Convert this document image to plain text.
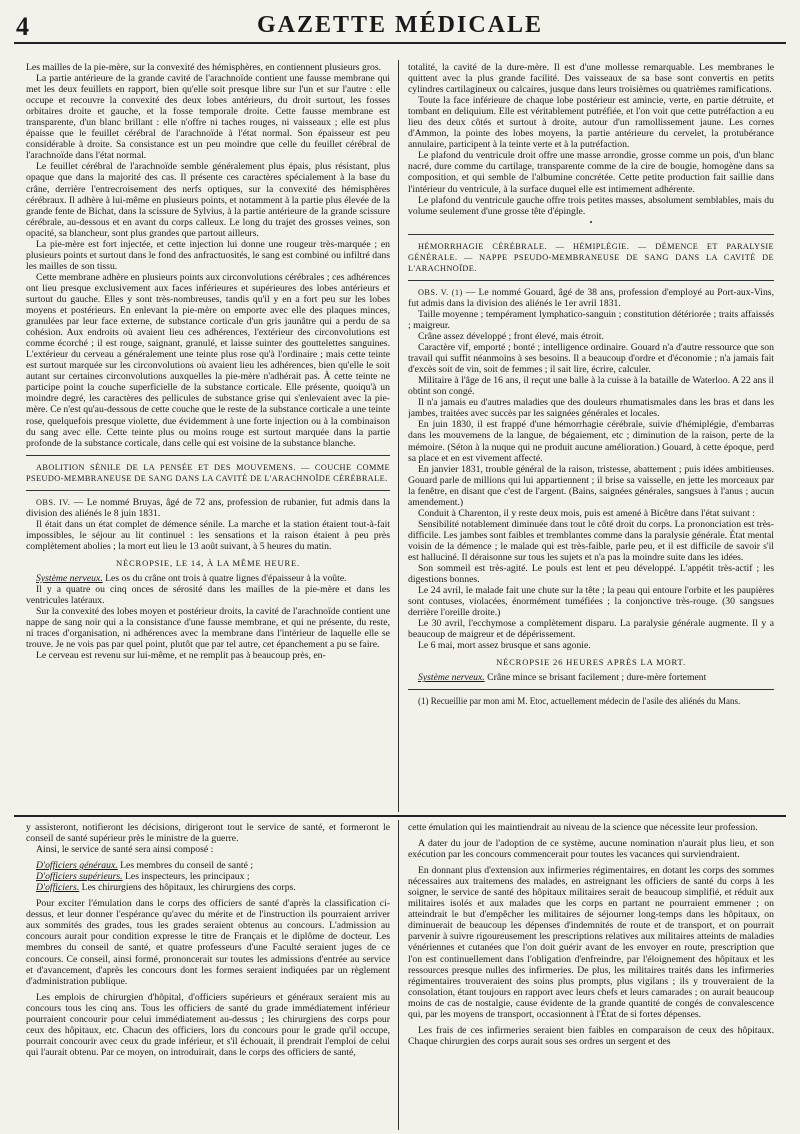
4	GAZETTE MÉDICALE

Les mailles de la pie-mère, sur la convexité des hémisphères, en contiennent plusieurs gros.

La partie antérieure de la grande cavité de l'arachnoïde contient une fausse membrane qui met les deux feuillets en rapport, bien qu'elle soit presque libre sur l'un et sur l'autre : elle occupe et recouvre la convexité des deux lobes antérieurs, du droit surtout, les fosses orbitaires droite et gauche, et la fosse temporale droite. Cette fausse membrane est transparente, d'un blanc brillant : elle n'offre ni taches rouges, ni vaisseaux ; elle est plus épaisse que le feuillet cérébral de l'arachnoïde à l'état normal. Son épaisseur est peu considérable à droite. Sa consistance est un peu moindre que celle du feuillet cérébral de l'arachnoïde dans l'état normal.

Le feuillet cérébral de l'arachnoïde semble généralement plus épais, plus résistant, plus opaque que dans la majorité des cas. Il présente ces caractères spécialement à la base du crâne, derrière l'entrecroisement des nerfs optiques, sur la convexité des hémisphères cérébraux. Il adhère à lui-même en plusieurs points, et notamment à la partie plus élevée de la grande fente de Bichat, dans la scissure de Sylvius, à la partie antérieure de la grande scissure cérébrale, au-dessous et en avant du corps calleux. Le long du trajet des grosses veines, son opacité, sa blancheur, sont plus grandes que partout ailleurs.

La pie-mère est fort injectée, et cette injection lui donne une rougeur très-marquée ; en plusieurs points et surtout dans le fond des anfractuosités, le sang est combiné ou infiltré dans les mailles de son tissu.

Cette membrane adhère en plusieurs points aux circonvolutions cérébrales ; ces adhérences ont lieu presque exclusivement aux faces inférieures et supérieures des lobes antérieurs et surtout du gauche. Elles y sont très-nombreuses, tandis qu'il y en a fort peu sur les lobes moyens et postérieurs. En enlevant la pie-mère on emporte avec elle des plaques minces, granulées par leur face externe, de substance corticale d'un gris jaunâtre qui a perdu de sa cohésion. Aux endroits où avaient lieu ces adhérences, l'extérieur des circonvolutions est comme écorché ; il est rouge, saignant, granulé, et laisse suinter des gouttelettes sanguines. L'extérieur du cerveau a généralement une teinte plus rose qu'à l'ordinaire ; mais cette teinte est surtout marquée sur les circonvolutions où avaient lieu les adhérences, bien qu'elle le soit autant sur certaines circonvolutions auxquelles la pie-mère n'adhérait pas. À cette teinte ne participe point la couche superficielle de la substance corticale. Elle présente, quoiqu'à un moindre degré, les caractères des pellicules de substance grise qui s'enlevaient avec la pie-mère. Ce n'est qu'au-dessous de cette couche que le reste de la substance corticale a une teinte rose, quelquefois presque violette, due évidemment à une forte injection ou à la combinaison du sang avec elle. Cette teinte plus ou moins rouge est surtout marquée dans la partie profonde de la substance corticale, dans celle qui est voisine de la substance blanche.

ABOLITION SÉNILE DE LA PENSÉE ET DES MOUVEMENS. — COUCHE COMME PSEUDO-MEMBRANEUSE DE SANG DANS LA CAVITÉ DE L'ARACHNOÏDE CÉRÉBRALE.

OBS. IV. — Le nommé Bruyas, âgé de 72 ans, profession de rubanier, fut admis dans la division des aliénés le 8 juin 1831.

Il était dans un état complet de démence sénile. La marche et la station étaient tout-à-fait impossibles, le séjour au lit continuel : les sensations et la raison étaient à peu près complètement abolies ; la mort eut lieu le 13 août suivant, à 5 heures du matin.

NÉCROPSIE, LE 14, À LA MÊME HEURE.

Système nerveux. Les os du crâne ont trois à quatre lignes d'épaisseur à la voûte.

Il y a quatre ou cinq onces de sérosité dans les mailles de la pie-mère et dans les ventricules latéraux.

Sur la convexité des lobes moyen et postérieur droits, la cavité de l'arachnoïde contient une nappe de sang noir qui a la consistance d'une fausse membrane, et qui ne présente, du reste, ni traces d'organisation, ni adhérences avec la membrane dans l'intérieur de laquelle elle se trouve. Je ne vois pas par quel point, plutôt que par tel autre, cet épanchement a pu se faire.

Le cerveau est revenu sur lui-même, et ne remplit pas à beaucoup près, en-

totalité, la cavité de la dure-mère. Il est d'une mollesse remarquable. Les membranes le quittent avec la plus grande facilité. Des vaisseaux de sa base sont convertis en petits cylindres cartilagineux ou calcaires, jusque dans leurs troisièmes ou quatrièmes ramifications.

Toute la face inférieure de chaque lobe postérieur est amincie, verte, en partie détruite, et tombant en deliquium. Elle est véritablement putréfiée, et l'on voit que cette putréfaction a eu lieu des deux côtés et surtout à droite, autour d'un ramollissement jaune. Les cornes d'Ammon, la pointe des lobes moyens, la partie antérieure du cervelet, la protubérance annulaire, participent à la teinte verte et à la putréfaction.

Le plafond du ventricule droit offre une masse arrondie, grosse comme un pois, d'un blanc nacré, dure comme du cartilage, transparente comme de la cire de bougie, homogène dans sa composition, et qui semble de l'albumine concrétée. Cette petite production fait saillie dans l'intérieur du ventricule, à la surface duquel elle est intimement adhérente.

Le plafond du ventricule gauche offre trois petites masses, absolument semblables, mais du volume seulement d'une grosse tête d'épingle.

•

HÉMORRHAGIE CÉRÉBRALE. — HÉMIPLÉGIE. — DÉMENCE ET PARALYSIE GÉNÉRALE. — NAPPE PSEUDO-MEMBRANEUSE DE SANG DANS LA CAVITÉ DE L'ARACHNOÏDE.

OBS. V. (1) — Le nommé Gouard, âgé de 38 ans, profession d'employé au Port-aux-Vins, fut admis dans la division des aliénés le 1er avril 1831.

Taille moyenne ; tempérament lymphatico-sanguin ; constitution détériorée ; traits affaissés ; maigreur.

Crâne assez développé ; front élevé, mais étroit.

Caractère vif, emporté ; bonté ; intelligence ordinaire. Gouard n'a d'autre ressource que son travail qui suffit néanmoins à ses besoins. Il a beaucoup d'ordre et d'économie ; n'a jamais fait d'excès soit de vin, soit de femmes ; il sait lire, écrire, calculer.

Militaire à l'âge de 16 ans, il reçut une balle à la cuisse à la bataille de Waterloo. A 22 ans il obtint son congé.

Il n'a jamais eu d'autres maladies que des douleurs rhumatismales dans les bras et dans les jambes, traitées avec succès par les saignées générales et locales.

En juin 1830, il est frappé d'une hémorrhagie cérébrale, suivie d'hémiplégie, d'embarras dans les mouvemens de la langue, de bégaiement, etc ; diminution de la raison, perte de la mémoire. (Séton à la nuque qui ne produit aucune amélioration.) Gouard, à cette époque, perd sa place et en est vivement affecté.

En janvier 1831, trouble général de la raison, tristesse, abattement ; puis idées ambitieuses. Gouard parle de millions qui lui appartiennent ; il brise sa vaisselle, en jette les morceaux par la fenêtre, en disant que c'est de l'argent. (Bains, saignées générales, sangsues à l'anus ; aucun amendement.)

Conduit à Charenton, il y reste deux mois, puis est amené à Bicêtre dans l'état suivant :

Sensibilité notablement diminuée dans tout le côté droit du corps. La prononciation est très-difficile. Les jambes sont faibles et tremblantes comme dans la paralysie générale. État mental voisin de la démence ; le malade qui est très-faible, parle peu, et il est difficile de savoir s'il est halluciné. Il déraisonne sur tous les sujets et n'a pas la moindre suite dans les idées.

Son sommeil est très-agité. Le pouls est lent et peu développé. L'appétit très-actif ; les digestions bonnes.

Le 24 avril, le malade fait une chute sur la tête ; la peau qui entoure l'orbite et les paupières sont contuses, violacées, énormément tuméfiées ; la conjonctive très-rouge. (30 sangsues derrière l'oreille droite.)

Le 30 avril, l'ecchymose a complètement disparu. La paralysie générale augmente. Il y a beaucoup de maigreur et de dépérissement.

Le 6 mai, mort assez brusque et sans agonie.

NÉCROPSIE 26 HEURES APRÈS LA MORT.

Système nerveux. Crâne mince se brisant facilement ; dure-mère fortement

(1) Recueillie par mon ami M. Etoc, actuellement médecin de l'asile des aliénés du Mans.

y assisteront, notifieront les décisions, dirigeront tout le service de santé, et formeront le conseil de santé supérieur près le ministre de la guerre.

Ainsi, le service de santé sera ainsi composé :

D'officiers généraux. Les membres du conseil de santé ;

D'officiers supérieurs. Les inspecteurs, les principaux ;

D'officiers. Les chirurgiens des hôpitaux, les chirurgiens des corps.

Pour exciter l'émulation dans le corps des officiers de santé d'après la classification ci-dessus, et leur donner l'espérance qu'avec du mérite et de l'instruction ils pourraient arriver aux sommités des grades, tous les grades seraient obtenus au concours. L'admission au concours aurait pour condition expresse le titre de Français et le diplôme de docteur. Les membres du conseil de santé, et quatre professeurs d'une Faculté seraient juges de ce concours. Ce conseil, ainsi formé, prononcerait sur toutes les admissions d'entrée au service et d'avancement, d'après les concours dont les formes seraient indiquées par un règlement d'administration publique.

Les emplois de chirurgien d'hôpital, d'officiers supérieurs et généraux seraient mis au concours tous les cinq ans. Tous les officiers de santé du grade immédiatement inférieur pourraient concourir pour celui immédiatement au-dessus ; les chirurgiens des corps pour ceux des hôpitaux, etc. Chacun des officiers, lors du concours pour le grade qu'il occupe, pourrait concourir avec ceux du grade inférieur, et s'il échouait, il prendrait l'emploi de celui qui l'aurait obtenu. Par ce moyen, on introduirait, dans le corps des officiers de santé,

cette émulation qui les maintiendrait au niveau de la science que nécessite leur profession.

A dater du jour de l'adoption de ce système, aucune nomination n'aurait plus lieu, et son exécution par les concours commencerait pour toutes les vacances qui surviendraient.

En donnant plus d'extension aux infirmeries régimentaires, en dotant les corps des sommes nécessaires aux traitemens des malades, en astreignant les officiers de santé du corps à les soigner, le service de santé des hôpitaux militaires serait de beaucoup simplifié, et réduit aux militaires isolés et aux malades que les corps en partant ne pourraient emmener ; on atteindrait le but d'empêcher les militaires de séjourner long-temps dans les hôpitaux, on diminuerait de beaucoup les dépenses d'indemnités de route et de transport, et on pourrait parvenir à suivre rigoureusement les prescriptions relatives aux militaires atteints de maladies vénériennes et cutanées que l'on doit guérir avant de les envoyer en route, prescription que l'on est continuellement dans l'obligation d'enfreindre, par l'éloignement des hôpitaux et les ressources presque nulles des infirmeries. De plus, les militaires traités dans les infirmeries régimentaires trouveraient des soins plus prompts, plus vigilans ; ils y trouveraient de la consolation, étant toujours en rapport avec leurs chefs et leurs camarades ; on aurait beaucoup moins de cas de nostalgie, cause évidente de la grande quantité de congés de convalescence qui, par les moyens de transport, occasionnent à l'État de si fortes dépenses.

Les frais de ces infirmeries seraient bien faibles en comparaison de ceux des hôpitaux. Chaque chirurgien des corps aurait sous ses ordres un sergent et des
